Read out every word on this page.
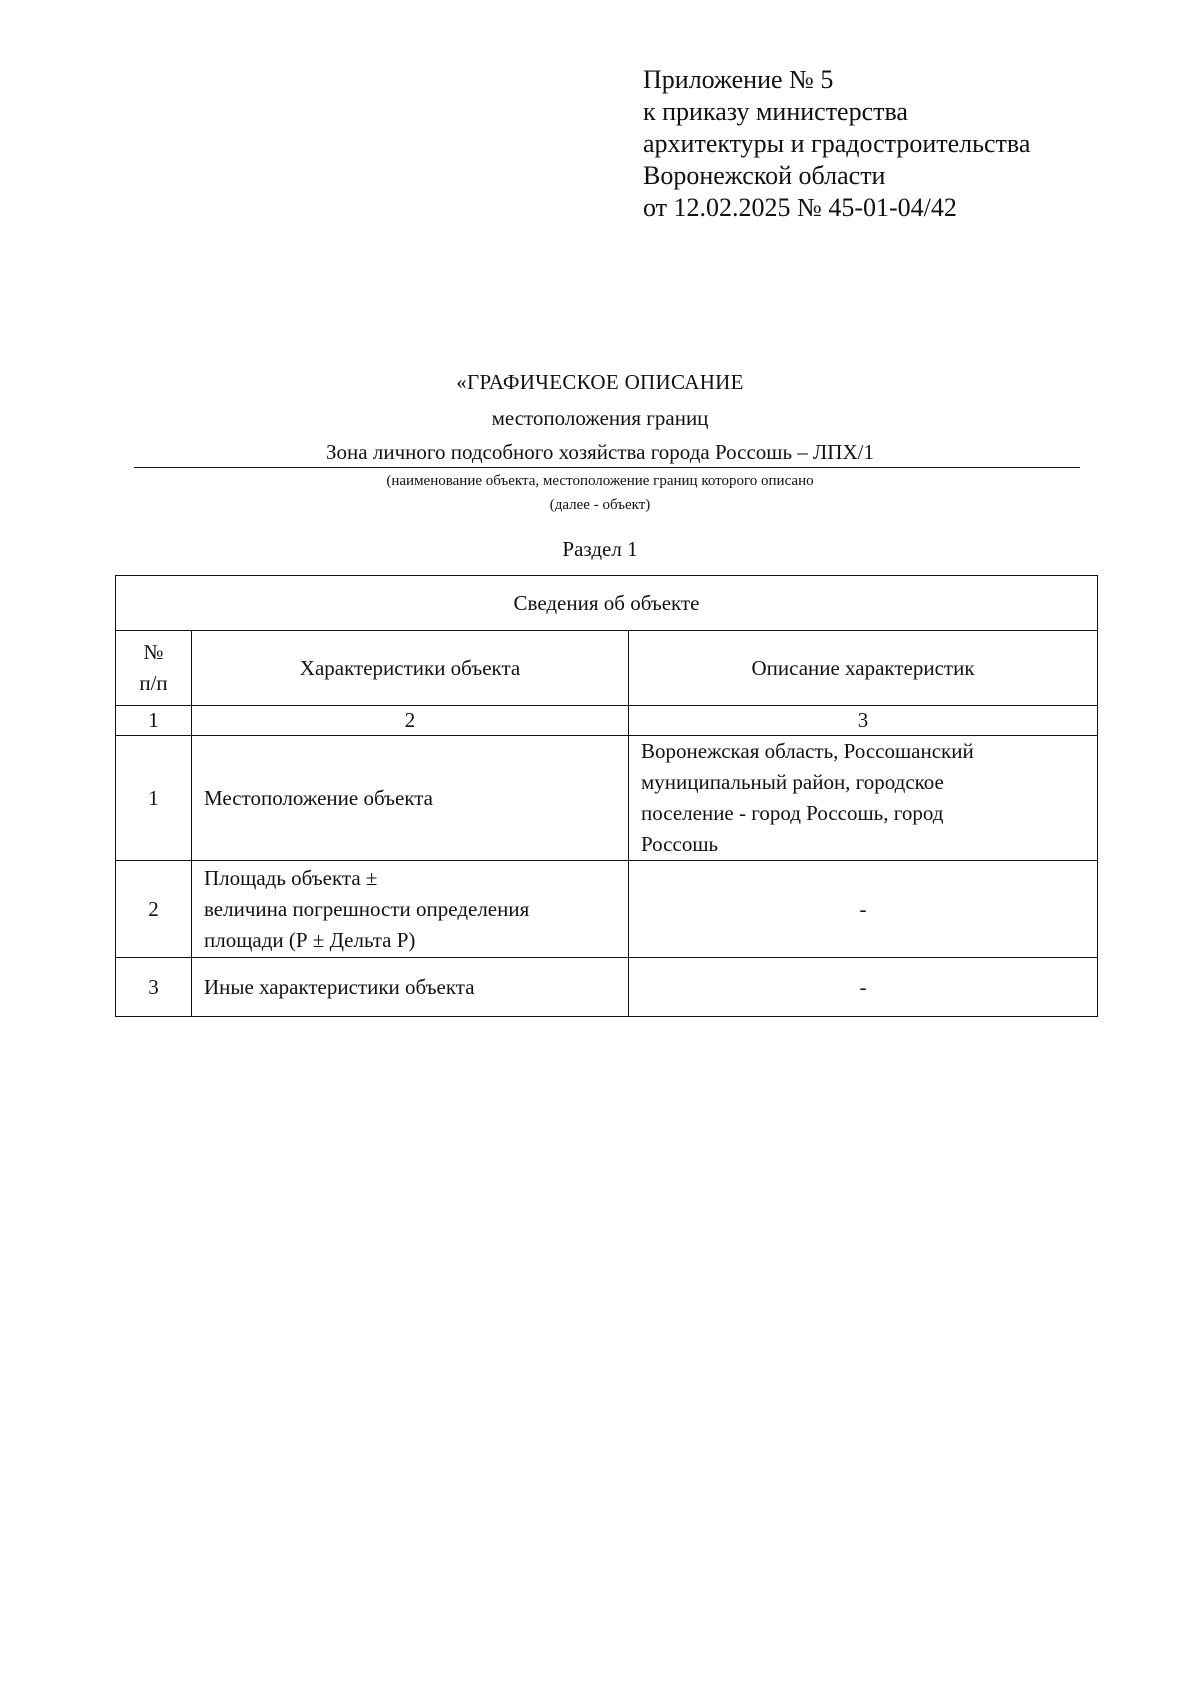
Приложение № 5
к приказу министерства
архитектуры и градостроительства
Воронежской области
от 12.02.2025 № 45-01-04/42
«ГРАФИЧЕСКОЕ ОПИСАНИЕ
местоположения границ
Зона личного подсобного хозяйства города Россошь – ЛПХ/1
(наименование объекта, местоположение границ которого описано
(далее - объект)
Раздел 1
Сведения об объекте		

№
п/п	Характеристики объекта	Описание характеристик
1	2	3
1	Местоположение объекта	Воронежская область, Россошанский
муниципальный район, городское
поселение - город Россошь, город
Россошь

2	Площадь объекта ±
величина погрешности определения
площади (Р ± Дельта Р)	-
3	Иные характеристики объекта	-
